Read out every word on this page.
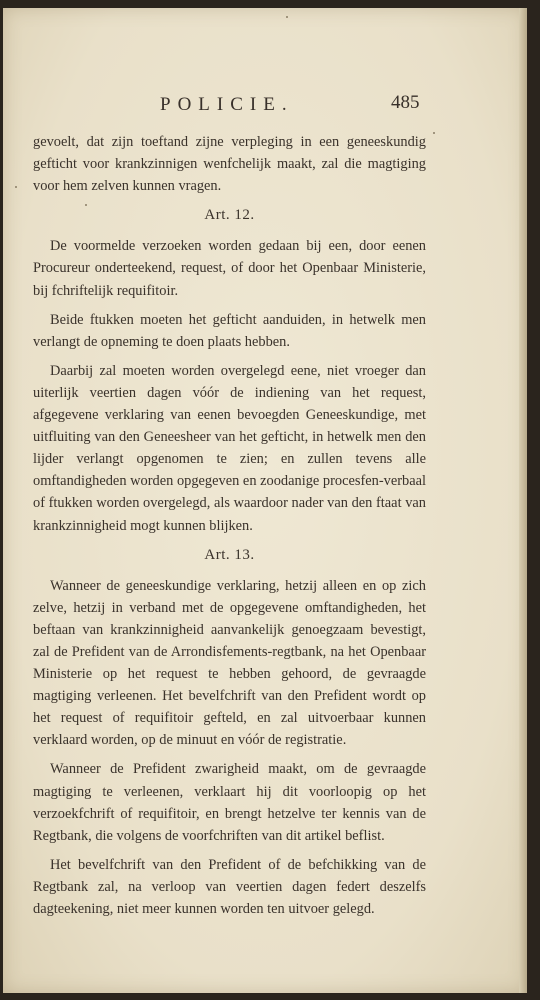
POLICIE.	485

gevoelt, dat zijn toeftand zijne verpleging in een geneeskundig gefticht voor krankzinnigen wenfchelijk maakt, zal die magtiging voor hem zelven kunnen vragen.

Art. 12.

De voormelde verzoeken worden gedaan bij een, door eenen Procureur onderteekend, request, of door het Openbaar Ministerie, bij fchriftelijk requifitoir.

Beide ftukken moeten het gefticht aanduiden, in hetwelk men verlangt de opneming te doen plaats hebben.

Daarbij zal moeten worden overgelegd eene, niet vroeger dan uiterlijk veertien dagen vóór de indiening van het request, afgegevene verklaring van eenen bevoegden Geneeskundige, met uitfluiting van den Geneesheer van het gefticht, in hetwelk men den lijder verlangt opgenomen te zien; en zullen tevens alle omftandigheden worden opgegeven en zoodanige procesfen-verbaal of ftukken worden overgelegd, als waardoor nader van den ftaat van krankzinnigheid mogt kunnen blijken.

Art. 13.

Wanneer de geneeskundige verklaring, hetzij alleen en op zich zelve, hetzij in verband met de opgegevene omftandigheden, het beftaan van krankzinnigheid aanvankelijk genoegzaam bevestigt, zal de Prefident van de Arrondisfements-regtbank, na het Openbaar Ministerie op het request te hebben gehoord, de gevraagde magtiging verleenen. Het bevelfchrift van den Prefident wordt op het request of requifitoir gefteld, en zal uitvoerbaar kunnen verklaard worden, op de minuut en vóór de registratie.

Wanneer de Prefident zwarigheid maakt, om de gevraagde magtiging te verleenen, verklaart hij dit voorloopig op het verzoekfchrift of requifitoir, en brengt hetzelve ter kennis van de Regtbank, die volgens de voorfchriften van dit artikel beflist.

Het bevelfchrift van den Prefident of de befchikking van de Regtbank zal, na verloop van veertien dagen federt deszelfs dagteekening, niet meer kunnen worden ten uitvoer gelegd.
